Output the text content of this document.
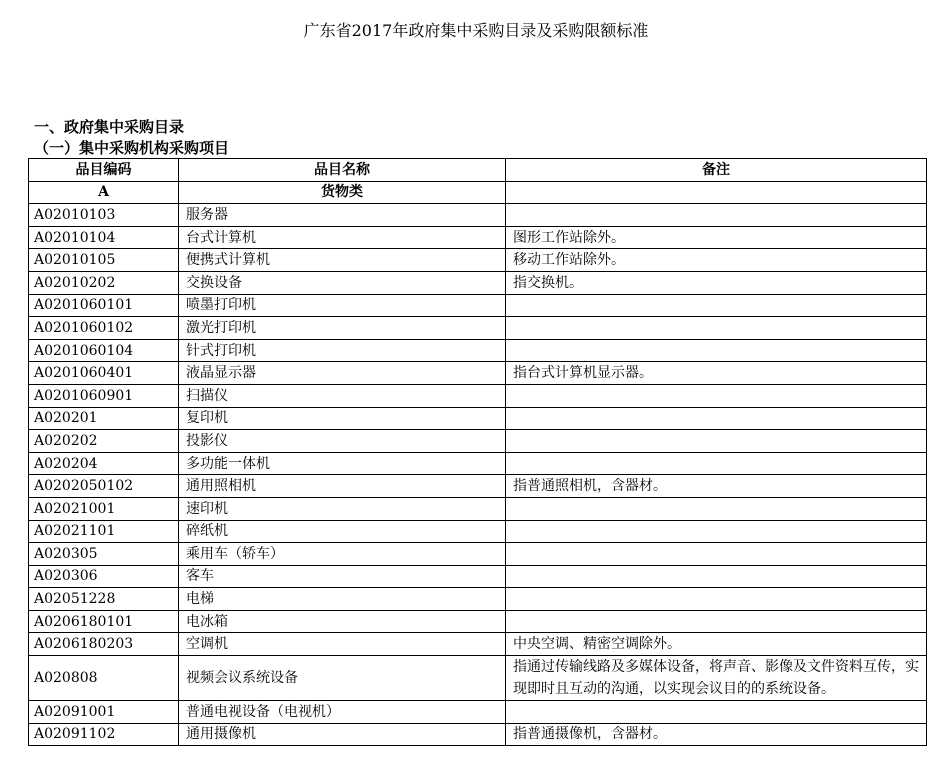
广东省2017年政府集中采购目录及采购限额标准
一、政府集中采购目录
（一）集中采购机构采购项目
品目编码	品目名称	备注
A	货物类	
A02010103	服务器	
A02010104	台式计算机	图形工作站除外。
A02010105	便携式计算机	移动工作站除外。
A02010202	交换设备	指交换机。
A0201060101	喷墨打印机	
A0201060102	激光打印机	
A0201060104	针式打印机	
A0201060401	液晶显示器	指台式计算机显示器。
A0201060901	扫描仪	
A020201	复印机	
A020202	投影仪	
A020204	多功能一体机	
A0202050102	通用照相机	指普通照相机，含器材。
A02021001	速印机	
A02021101	碎纸机	
A020305	乘用车（轿车）	
A020306	客车	
A02051228	电梯	
A0206180101	电冰箱	
A0206180203	空调机	中央空调、精密空调除外。
A020808	视频会议系统设备	指通过传输线路及多媒体设备，将声音、影像及文件资料互传，实现即时且互动的沟通，以实现会议目的的系统设备。
A02091001	普通电视设备（电视机）	
A02091102	通用摄像机	指普通摄像机，含器材。
